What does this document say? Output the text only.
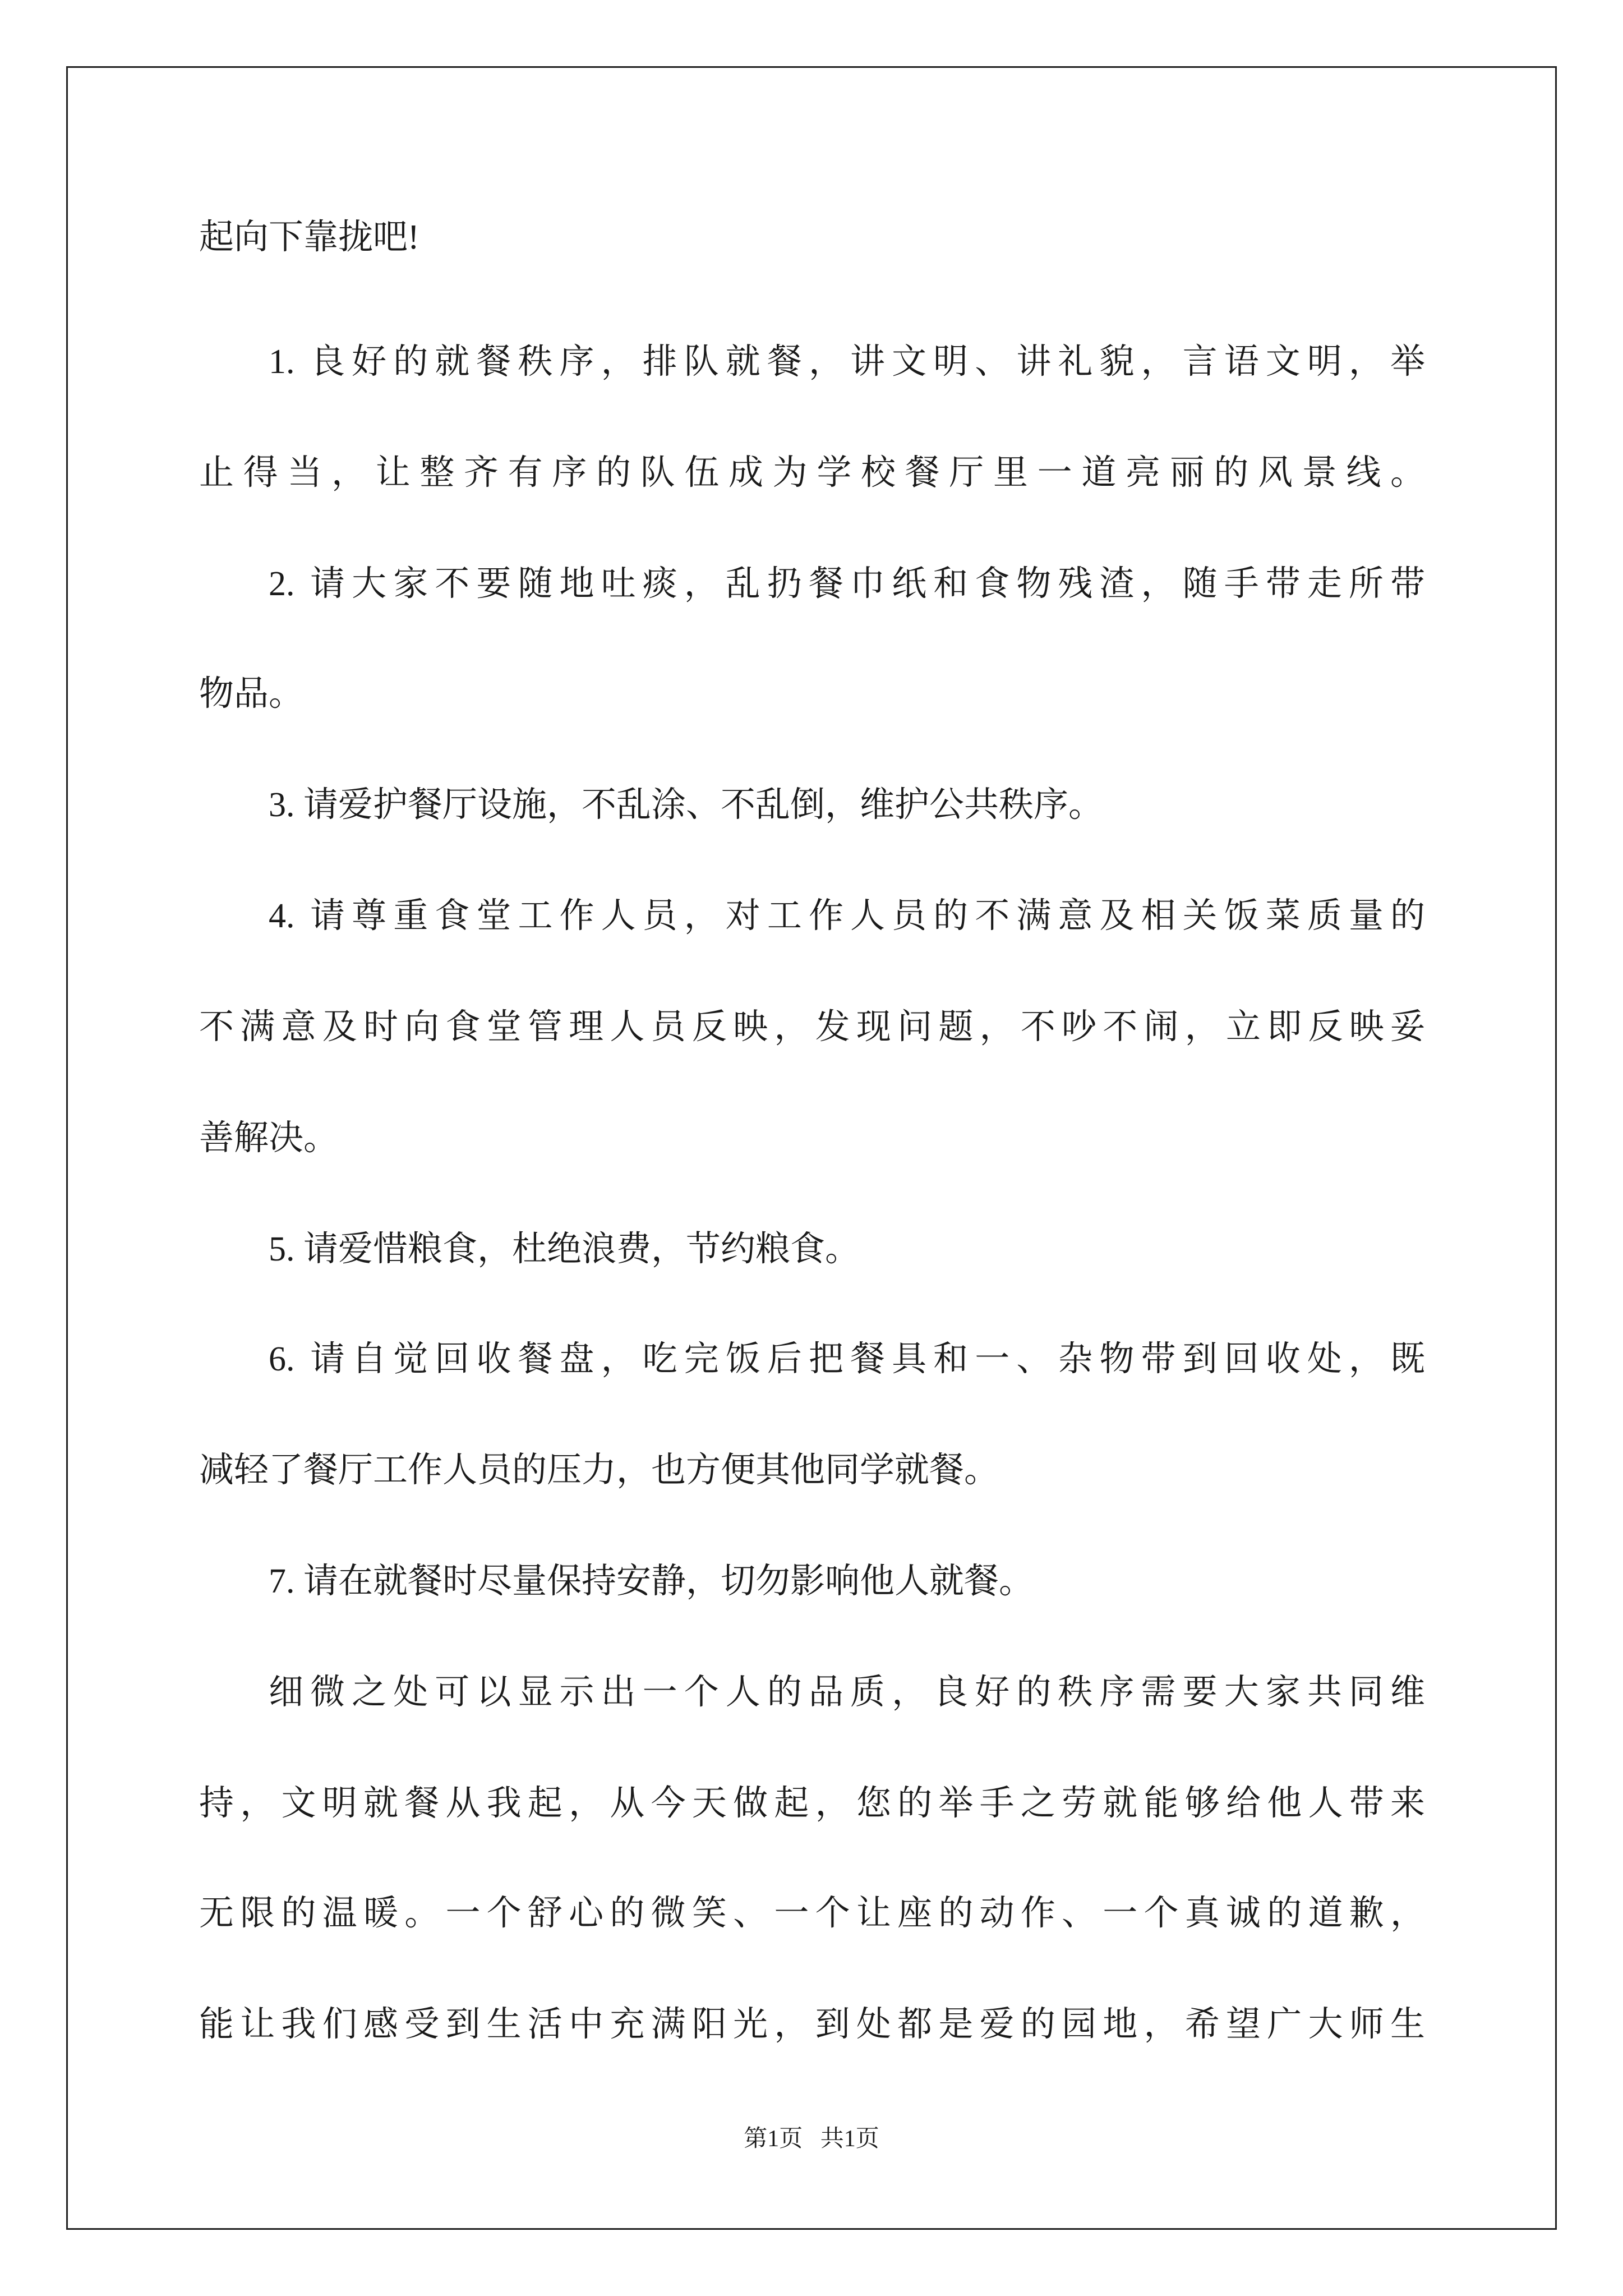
起向下靠拢吧!
1. 良好的就餐秩序，排队就餐，讲文明、讲礼貌，言语文明，举
止得当，让整齐有序的队伍成为学校餐厅里一道亮丽的风景线。
2. 请大家不要随地吐痰，乱扔餐巾纸和食物残渣，随手带走所带
物品。
3. 请爱护餐厅设施，不乱涂、不乱倒，维护公共秩序。
4. 请尊重食堂工作人员，对工作人员的不满意及相关饭菜质量的
不满意及时向食堂管理人员反映，发现问题，不吵不闹，立即反映妥
善解决。
5. 请爱惜粮食，杜绝浪费，节约粮食。
6. 请自觉回收餐盘，吃完饭后把餐具和一、杂物带到回收处，既
减轻了餐厅工作人员的压力，也方便其他同学就餐。
7. 请在就餐时尽量保持安静，切勿影响他人就餐。
细微之处可以显示出一个人的品质，良好的秩序需要大家共同维
持，文明就餐从我起，从今天做起，您的举手之劳就能够给他人带来
无限的温暖。一个舒心的微笑、一个让座的动作、一个真诚的道歉，
能让我们感受到生活中充满阳光，到处都是爱的园地，希望广大师生
第1页   共1页
